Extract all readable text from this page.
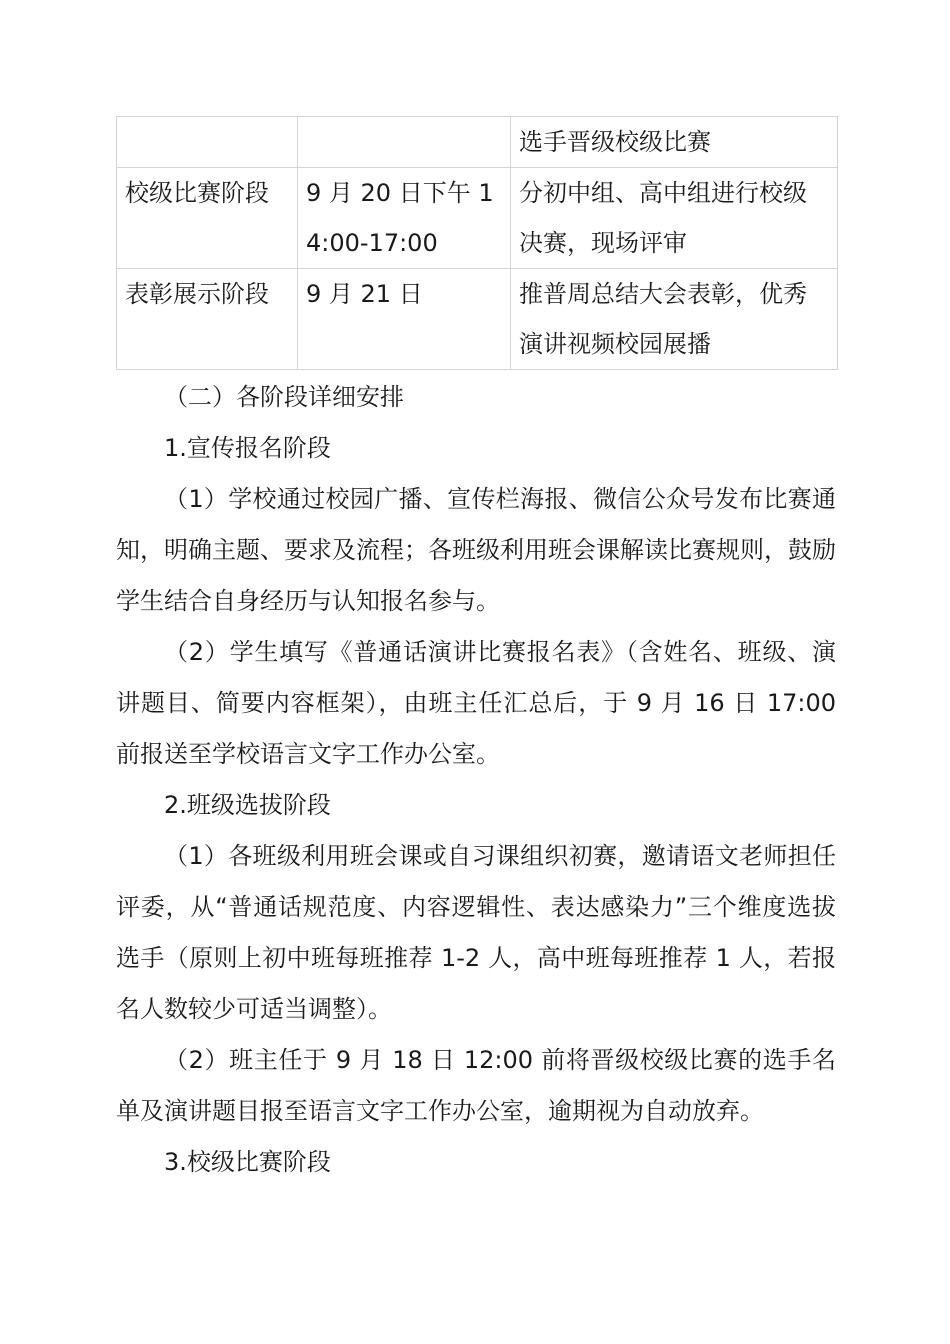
		选手晋级校级比赛
校级比赛阶段	9 月 20 日下午 14:00-17:00	分初中组、高中组进行校级决赛，现场评审
表彰展示阶段	9 月 21 日	推普周总结大会表彰，优秀演讲视频校园展播

（二）各阶段详细安排

1.宣传报名阶段

（1）学校通过校园广播、宣传栏海报、微信公众号发布比赛通知，明确主题、要求及流程；各班级利用班会课解读比赛规则，鼓励学生结合自身经历与认知报名参与。

（2）学生填写《普通话演讲比赛报名表》（含姓名、班级、演讲题目、简要内容框架），由班主任汇总后，于 9 月 16 日 17:00 前报送至学校语言文字工作办公室。

2.班级选拔阶段

（1）各班级利用班会课或自习课组织初赛，邀请语文老师担任评委，从“普通话规范度、内容逻辑性、表达感染力”三个维度选拔选手（原则上初中班每班推荐 1-2 人，高中班每班推荐 1 人，若报名人数较少可适当调整）。

（2）班主任于 9 月 18 日 12:00 前将晋级校级比赛的选手名单及演讲题目报至语言文字工作办公室，逾期视为自动放弃。

3.校级比赛阶段
